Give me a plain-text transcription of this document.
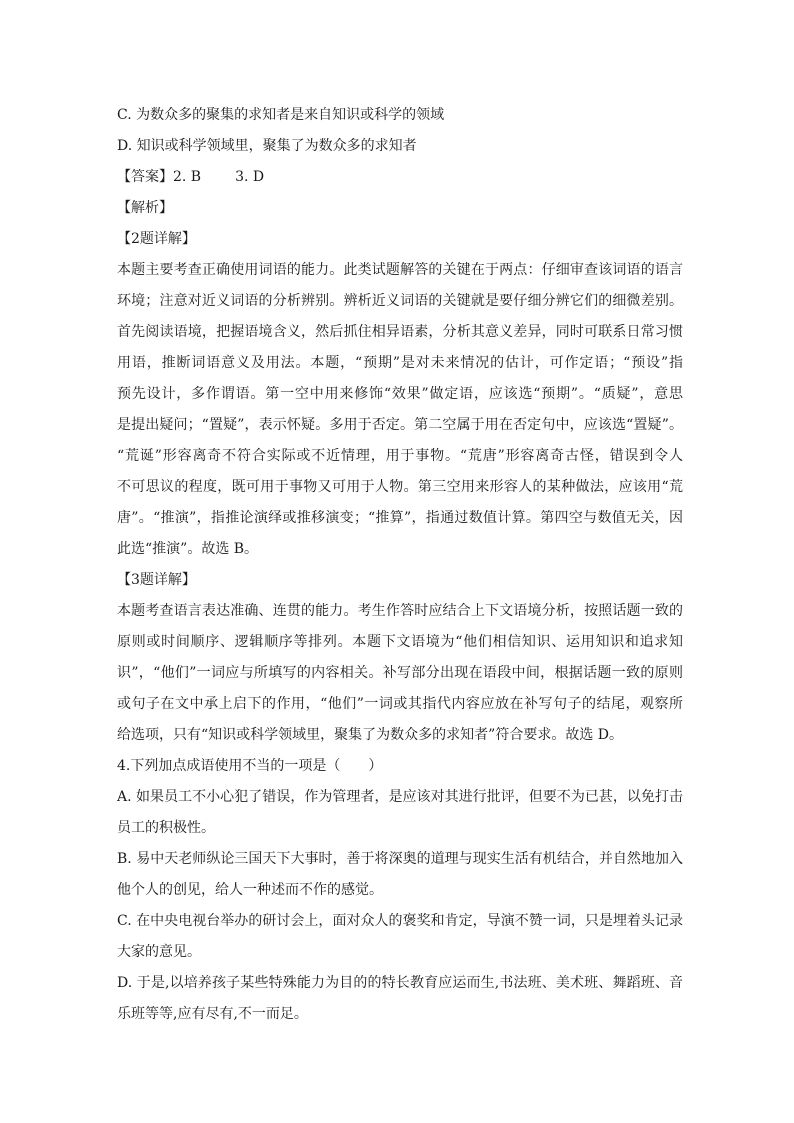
C. 为数众多的聚集的求知者是来自知识或科学的领域
D. 知识或科学领域里，聚集了为数众多的求知者
【答案】2. B 3. D
【解析】
【2题详解】
本题主要考查正确使用词语的能力。此类试题解答的关键在于两点：仔细审查该词语的语言
环境；注意对近义词语的分析辨别。辨析近义词语的关键就是要仔细分辨它们的细微差别。
首先阅读语境，把握语境含义，然后抓住相异语素，分析其意义差异，同时可联系日常习惯
用语，推断词语意义及用法。本题，“预期”是对未来情况的估计，可作定语；“预设”指
预先设计，多作谓语。第一空中用来修饰“效果”做定语，应该选“预期”。“质疑”，意思
是提出疑问；“置疑”，表示怀疑。多用于否定。第二空属于用在否定句中，应该选“置疑”。
“荒诞”形容离奇不符合实际或不近情理，用于事物。“荒唐”形容离奇古怪，错误到令人
不可思议的程度，既可用于事物又可用于人物。第三空用来形容人的某种做法，应该用“荒
唐”。“推演”，指推论演绎或推移演变；“推算”，指通过数值计算。第四空与数值无关，因
此选“推演”。故选 B。
【3题详解】
本题考查语言表达准确、连贯的能力。考生作答时应结合上下文语境分析，按照话题一致的
原则或时间顺序、逻辑顺序等排列。本题下文语境为“他们相信知识、运用知识和追求知
识”，“他们”一词应与所填写的内容相关。补写部分出现在语段中间，根据话题一致的原则
或句子在文中承上启下的作用，“他们”一词或其指代内容应放在补写句子的结尾，观察所
给选项，只有“知识或科学领域里，聚集了为数众多的求知者”符合要求。故选 D。
4.下列加点成语使用不当的一项是（　　）
A. 如果员工不小心犯了错误，作为管理者，是应该对其进行批评，但要不为已甚，以免打击
员工的积极性。
B. 易中天老师纵论三国天下大事时，善于将深奥的道理与现实生活有机结合，并自然地加入
他个人的创见，给人一种述而不作的感觉。
C. 在中央电视台举办的研讨会上，面对众人的褒奖和肯定，导演不赞一词，只是埋着头记录
大家的意见。
D. 于是,以培养孩子某些特殊能力为目的的特长教育应运而生,书法班、美术班、舞蹈班、音
乐班等等,应有尽有,不一而足。
